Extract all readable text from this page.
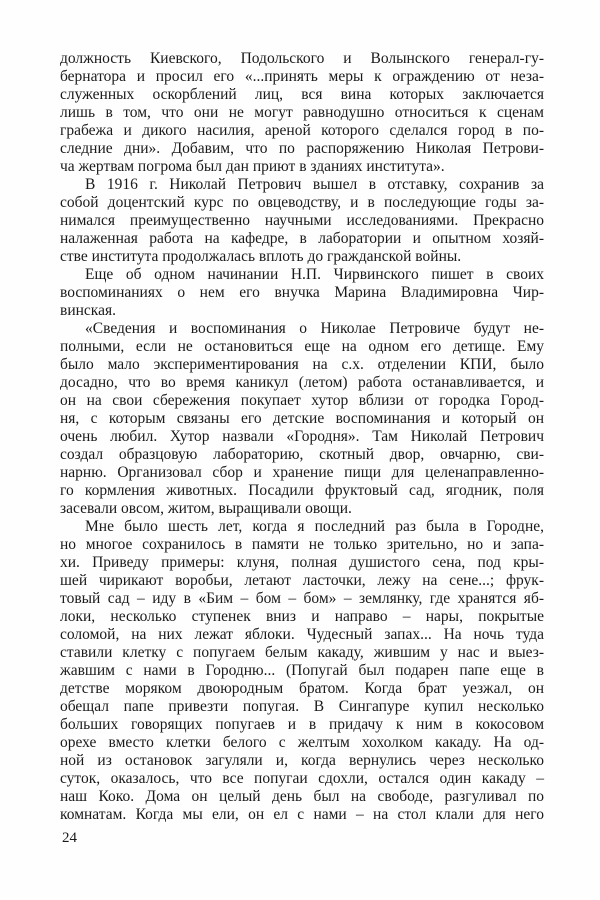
должность Киевского, Подольского и Волынского генерал-гу-
бернатора и просил его «...принять меры к ограждению от неза-
служенных оскорблений лиц, вся вина которых заключается
лишь в том, что они не могут равнодушно относиться к сценам
грабежа и дикого насилия, ареной которого сделался город в по-
следние дни». Добавим, что по распоряжению Николая Петрови-
ча жертвам погрома был дан приют в зданиях института».
В 1916 г. Николай Петрович вышел в отставку, сохранив за
собой доцентский курс по овцеводству, и в последующие годы за-
нимался преимущественно научными исследованиями. Прекрасно
налаженная работа на кафедре, в лаборатории и опытном хозяй-
стве института продолжалась вплоть до гражданской войны.
Еще об одном начинании Н.П. Чирвинского пишет в своих
воспоминаниях о нем его внучка Марина Владимировна Чир-
винская.
«Сведения и воспоминания о Николае Петровиче будут не-
полными, если не остановиться еще на одном его детище. Ему
было мало экспериментирования на с.х. отделении КПИ, было
досадно, что во время каникул (летом) работа останавливается, и
он на свои сбережения покупает хутор вблизи от городка Город-
ня, с которым связаны его детские воспоминания и который он
очень любил. Хутор назвали «Городня». Там Николай Петрович
создал образцовую лабораторию, скотный двор, овчарню, сви-
нарню. Организовал сбор и хранение пищи для целенаправленно-
го кормления животных. Посадили фруктовый сад, ягодник, поля
засевали овсом, житом, выращивали овощи.
Мне было шесть лет, когда я последний раз была в Городне,
но многое сохранилось в памяти не только зрительно, но и запа-
хи. Приведу примеры: клуня, полная душистого сена, под кры-
шей чирикают воробьи, летают ласточки, лежу на сене...; фрук-
товый сад – иду в «Бим – бом – бом» – землянку, где хранятся яб-
локи, несколько ступенек вниз и направо – нары, покрытые
соломой, на них лежат яблоки. Чудесный запах... На ночь туда
ставили клетку с попугаем белым какаду, жившим у нас и выез-
жавшим с нами в Городню... (Попугай был подарен папе еще в
детстве моряком двоюродным братом. Когда брат уезжал, он
обещал папе привезти попугая. В Сингапуре купил несколько
больших говорящих попугаев и в придачу к ним в кокосовом
орехе вместо клетки белого с желтым хохолком какаду. На од-
ной из остановок загуляли и, когда вернулись через несколько
суток, оказалось, что все попугаи сдохли, остался один какаду –
наш Коко. Дома он целый день был на свободе, разгуливал по
комнатам. Когда мы ели, он ел с нами – на стол клали для него
24
